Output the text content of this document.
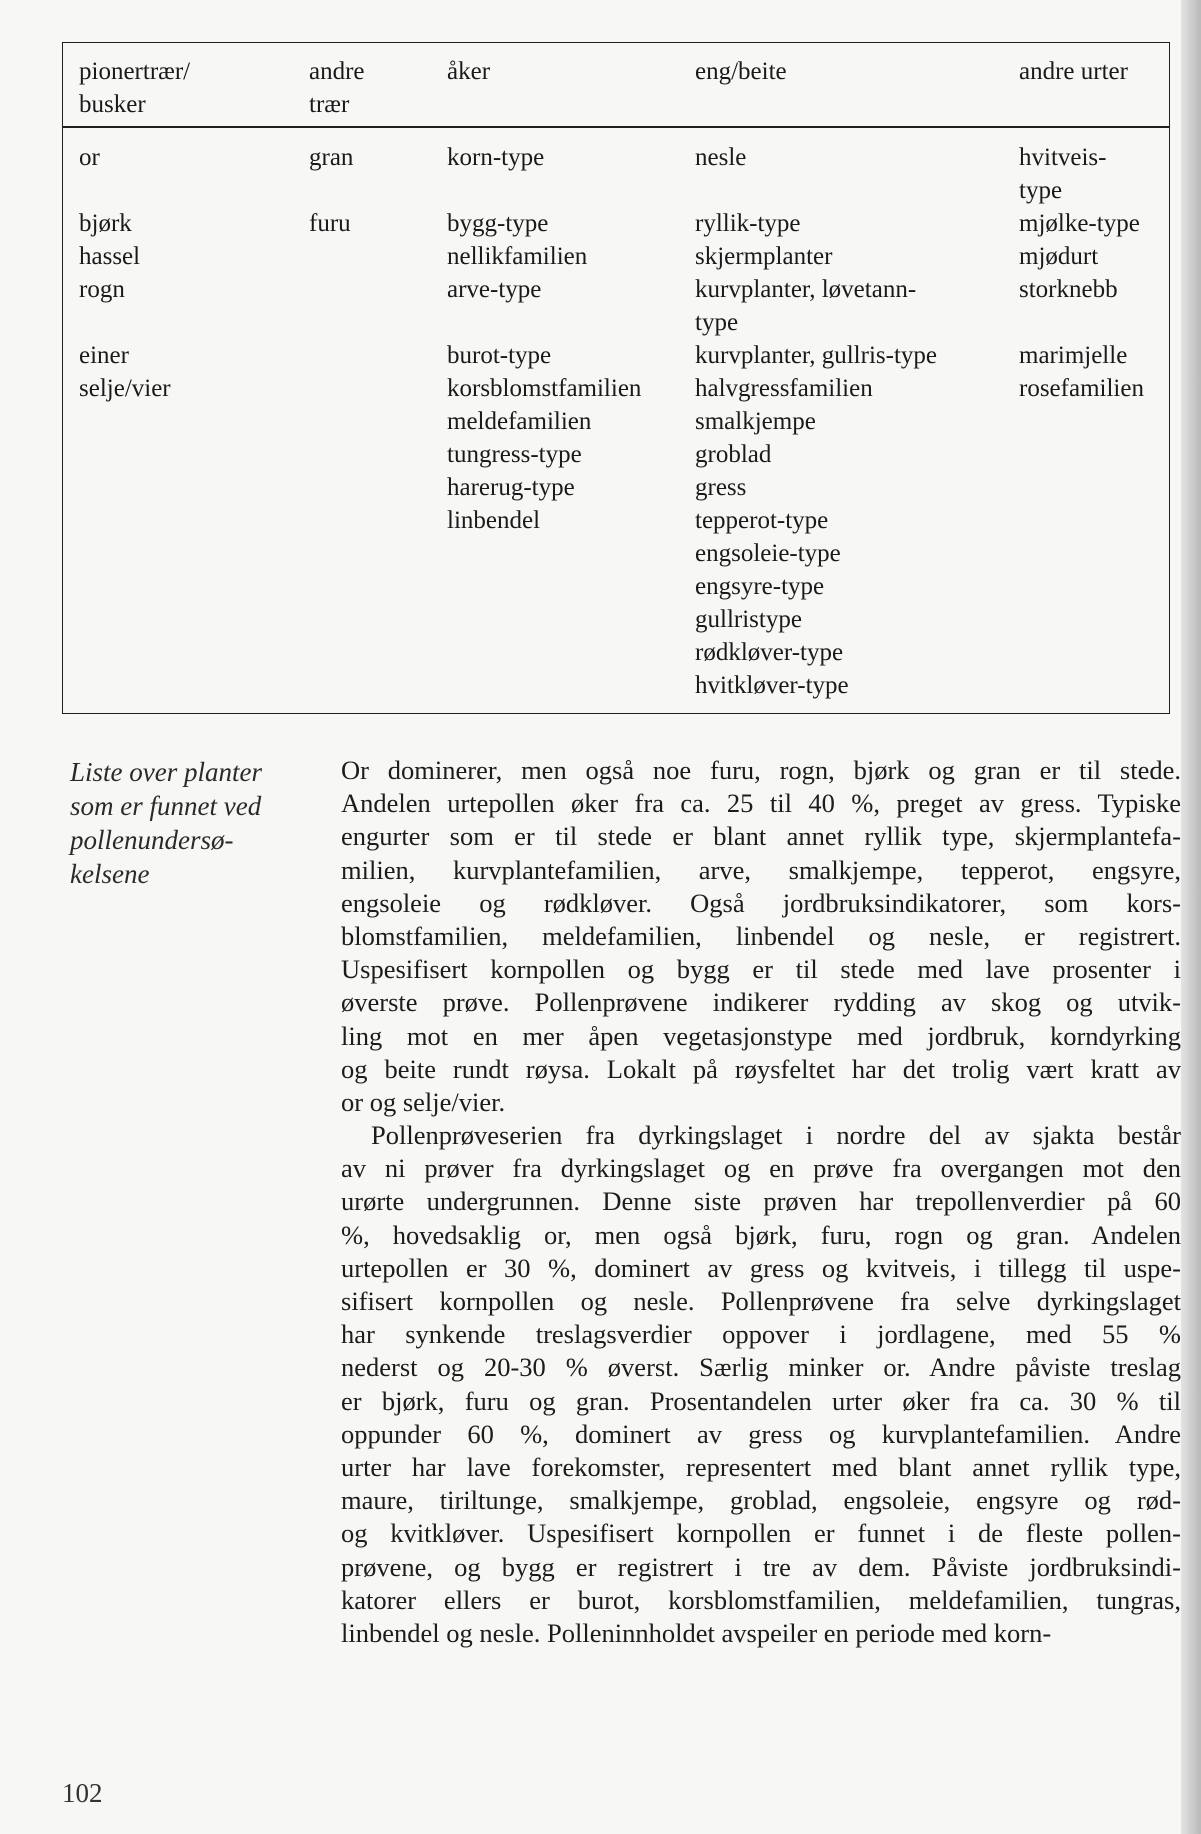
pionertrær/
busker
or
bjørk
hassel
rogn
einer
selje/vier
andre
trær
gran
furu
åker
korn-type
bygg-type
nellikfamilien
arve-type
burot-type
korsblomstfamilien
meldefamilien
tungress-type
harerug-type
linbendel
eng/beite
nesle
ryllik-type
skjermplanter
kurvplanter, løvetann-
type
kurvplanter, gullris-type
halvgressfamilien
smalkjempe
groblad
gress
tepperot-type
engsoleie-type
engsyre-type
gullristype
rødkløver-type
hvitkløver-type
andre urter
hvitveis-
type
mjølke-type
mjødurt
storknebb
marimjelle
rosefamilien
Liste over planter
som er funnet ved
pollenundersø-
kelsene
Or dominerer, men også noe furu, rogn, bjørk og gran er til stede.
Andelen urtepollen øker fra ca. 25 til 40 %, preget av gress. Typiske
engurter som er til stede er blant annet ryllik type, skjermplantefa-
milien, kurvplantefamilien, arve, smalkjempe, tepperot, engsyre,
engsoleie og rødkløver. Også jordbruksindikatorer, som kors-
blomstfamilien, meldefamilien, linbendel og nesle, er registrert.
Uspesifisert kornpollen og bygg er til stede med lave prosenter i
øverste prøve. Pollenprøvene indikerer rydding av skog og utvik-
ling mot en mer åpen vegetasjonstype med jordbruk, korndyrking
og beite rundt røysa. Lokalt på røysfeltet har det trolig vært kratt av
or og selje/vier.
Pollenprøveserien fra dyrkingslaget i nordre del av sjakta består
av ni prøver fra dyrkingslaget og en prøve fra overgangen mot den
urørte undergrunnen. Denne siste prøven har trepollenverdier på 60
%, hovedsaklig or, men også bjørk, furu, rogn og gran. Andelen
urtepollen er 30 %, dominert av gress og kvitveis, i tillegg til uspe-
sifisert kornpollen og nesle. Pollenprøvene fra selve dyrkingslaget
har synkende treslagsverdier oppover i jordlagene, med 55 %
nederst og 20-30 % øverst. Særlig minker or. Andre påviste treslag
er bjørk, furu og gran. Prosentandelen urter øker fra ca. 30 % til
oppunder 60 %, dominert av gress og kurvplantefamilien. Andre
urter har lave forekomster, representert med blant annet ryllik type,
maure, tiriltunge, smalkjempe, groblad, engsoleie, engsyre og rød-
og kvitkløver. Uspesifisert kornpollen er funnet i de fleste pollen-
prøvene, og bygg er registrert i tre av dem. Påviste jordbruksindi-
katorer ellers er burot, korsblomstfamilien, meldefamilien, tungras,
linbendel og nesle. Polleninnholdet avspeiler en periode med korn-
102
